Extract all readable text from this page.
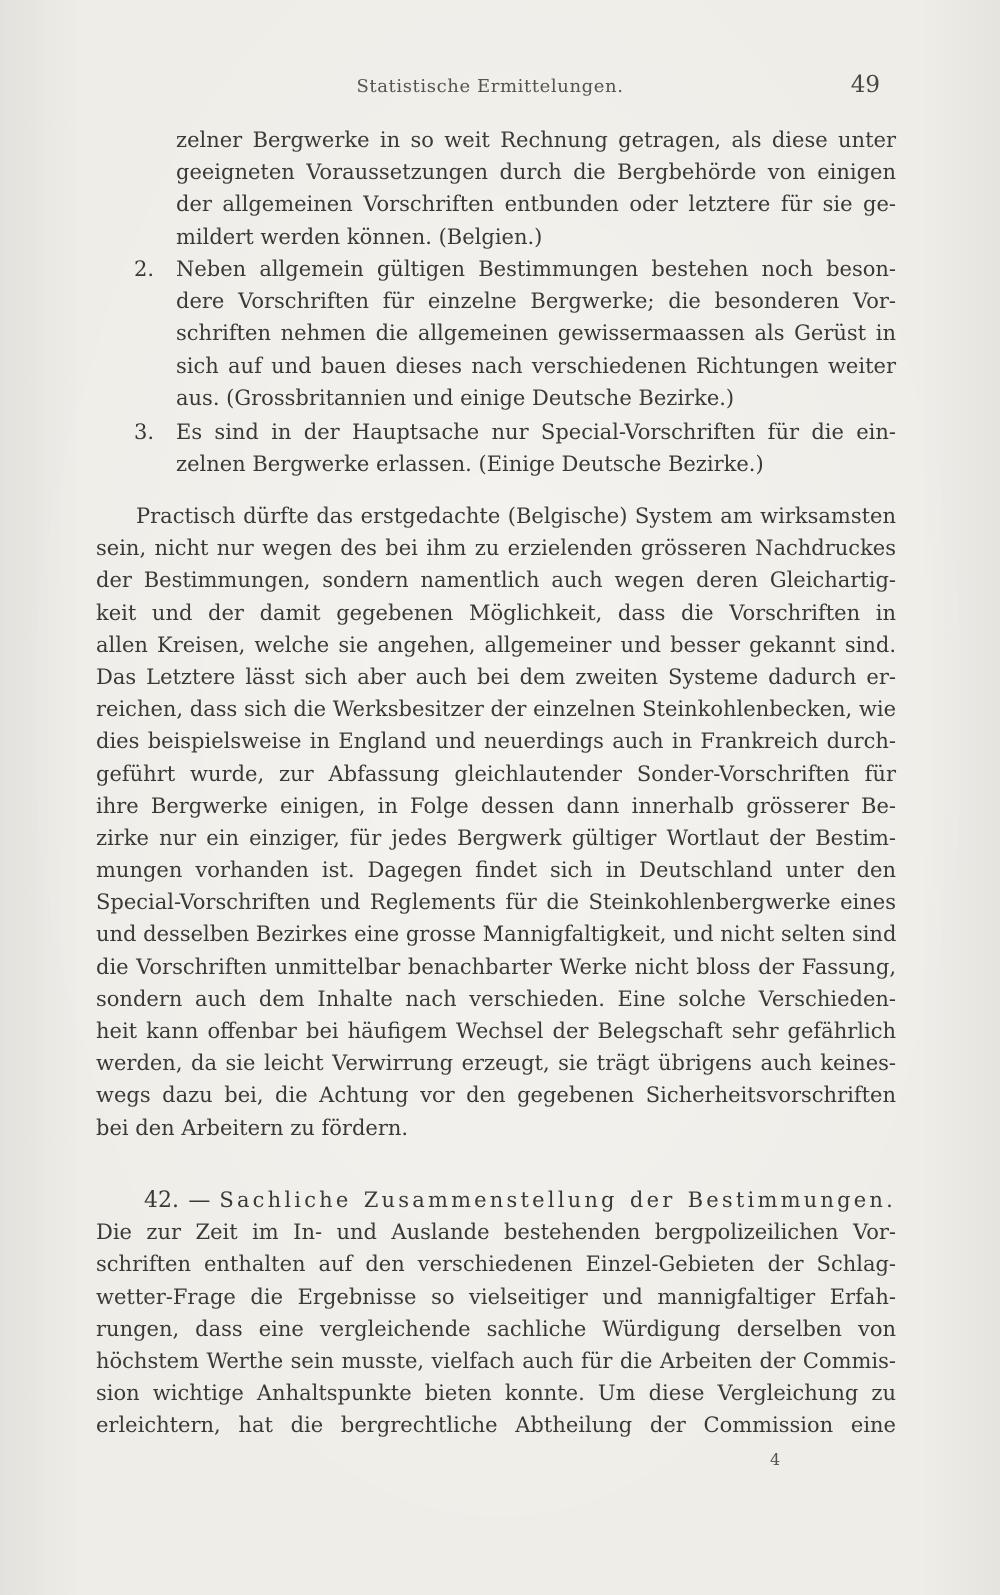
Statistische Ermittelungen.	49
zelner Bergwerke in so weit Rechnung getragen, als diese unter
geeigneten Voraussetzungen durch die Bergbehörde von einigen
der allgemeinen Vorschriften entbunden oder letztere für sie ge-
mildert werden können. (Belgien.)
2. Neben allgemein gültigen Bestimmungen bestehen noch beson-
dere Vorschriften für einzelne Bergwerke; die besonderen Vor-
schriften nehmen die allgemeinen gewissermaassen als Gerüst in
sich auf und bauen dieses nach verschiedenen Richtungen weiter
aus. (Grossbritannien und einige Deutsche Bezirke.)
3. Es sind in der Hauptsache nur Special-Vorschriften für die ein-
zelnen Bergwerke erlassen. (Einige Deutsche Bezirke.)
Practisch dürfte das erstgedachte (Belgische) System am wirksamsten
sein, nicht nur wegen des bei ihm zu erzielenden grösseren Nachdruckes
der Bestimmungen, sondern namentlich auch wegen deren Gleichartig-
keit und der damit gegebenen Möglichkeit, dass die Vorschriften in
allen Kreisen, welche sie angehen, allgemeiner und besser gekannt sind.
Das Letztere lässt sich aber auch bei dem zweiten Systeme dadurch er-
reichen, dass sich die Werksbesitzer der einzelnen Steinkohlenbecken, wie
dies beispielsweise in England und neuerdings auch in Frankreich durch-
geführt wurde, zur Abfassung gleichlautender Sonder-Vorschriften für
ihre Bergwerke einigen, in Folge dessen dann innerhalb grösserer Be-
zirke nur ein einziger, für jedes Bergwerk gültiger Wortlaut der Bestim-
mungen vorhanden ist. Dagegen findet sich in Deutschland unter den
Special-Vorschriften und Reglements für die Steinkohlenbergwerke eines
und desselben Bezirkes eine grosse Mannigfaltigkeit, und nicht selten sind
die Vorschriften unmittelbar benachbarter Werke nicht bloss der Fassung,
sondern auch dem Inhalte nach verschieden. Eine solche Verschieden-
heit kann offenbar bei häufigem Wechsel der Belegschaft sehr gefährlich
werden, da sie leicht Verwirrung erzeugt, sie trägt übrigens auch keines-
wegs dazu bei, die Achtung vor den gegebenen Sicherheitsvorschriften
bei den Arbeitern zu fördern.
42. — Sachliche Zusammenstellung der Bestimmungen.
Die zur Zeit im In- und Auslande bestehenden bergpolizeilichen Vor-
schriften enthalten auf den verschiedenen Einzel-Gebieten der Schlag-
wetter-Frage die Ergebnisse so vielseitiger und mannigfaltiger Erfah-
rungen, dass eine vergleichende sachliche Würdigung derselben von
höchstem Werthe sein musste, vielfach auch für die Arbeiten der Commis-
sion wichtige Anhaltspunkte bieten konnte. Um diese Vergleichung zu
erleichtern, hat die bergrechtliche Abtheilung der Commission eine
4
